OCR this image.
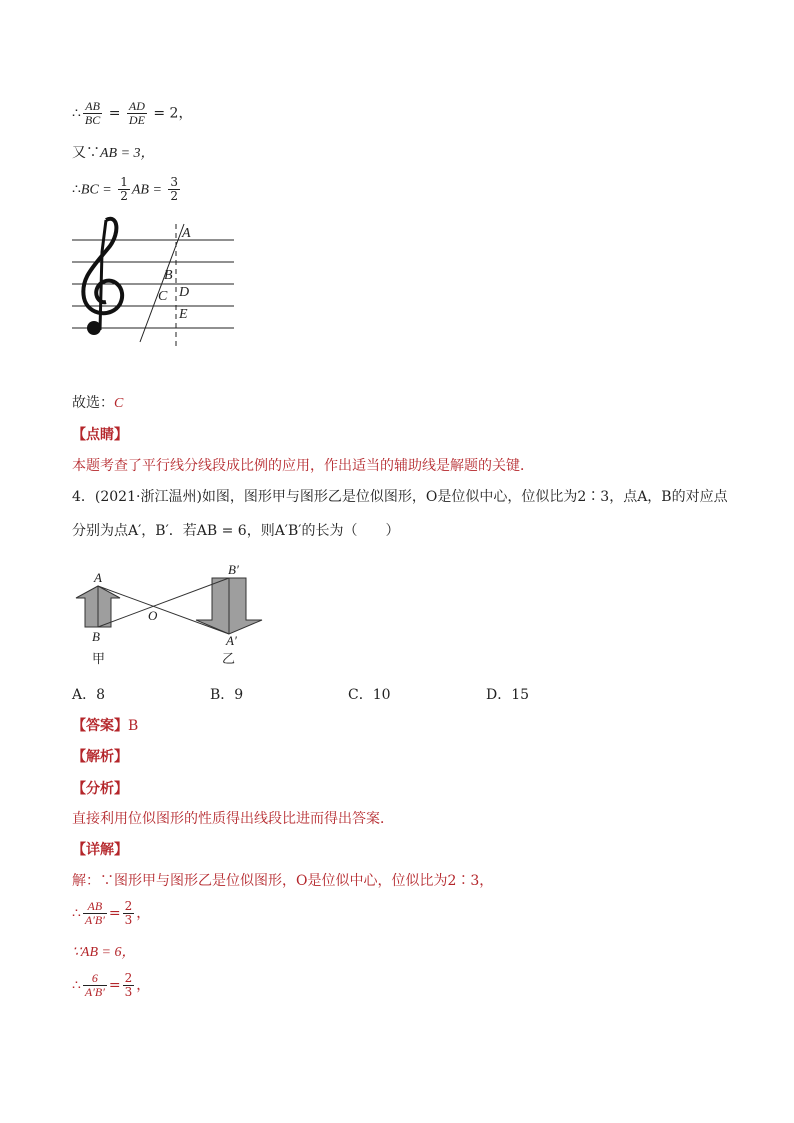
∴ $\frac{AB}{BC} = \frac{AD}{DE} = 2$，
又∵AB = 3，
∴BC = $\frac{1}{2}$ AB = $\frac{3}{2}$
A
B
C D
E
故选：C
【点睛】
本题考查了平行线分线段成比例的应用，作出适当的辅助线是解题的关键．
4．(2021·浙江温州)如图，图形甲与图形乙是位似图形，O是位似中心，位似比为2∶3，点A，B的对应点
分别为点A′，B′．若AB = 6，则A′B′的长为（　　）
A
B
O
B′
A′
甲	乙
A．8	B．9	C．10	D．15
【答案】B
【解析】
【分析】
直接利用位似图形的性质得出线段比进而得出答案．
【详解】
解：∵图形甲与图形乙是位似图形，O是位似中心，位似比为2∶3，
∴ $\frac{AB}{A'B'} = \frac{2}{3}$ ，
∵AB = 6，
∴ $\frac{6}{A'B'} = \frac{2}{3}$ ，
